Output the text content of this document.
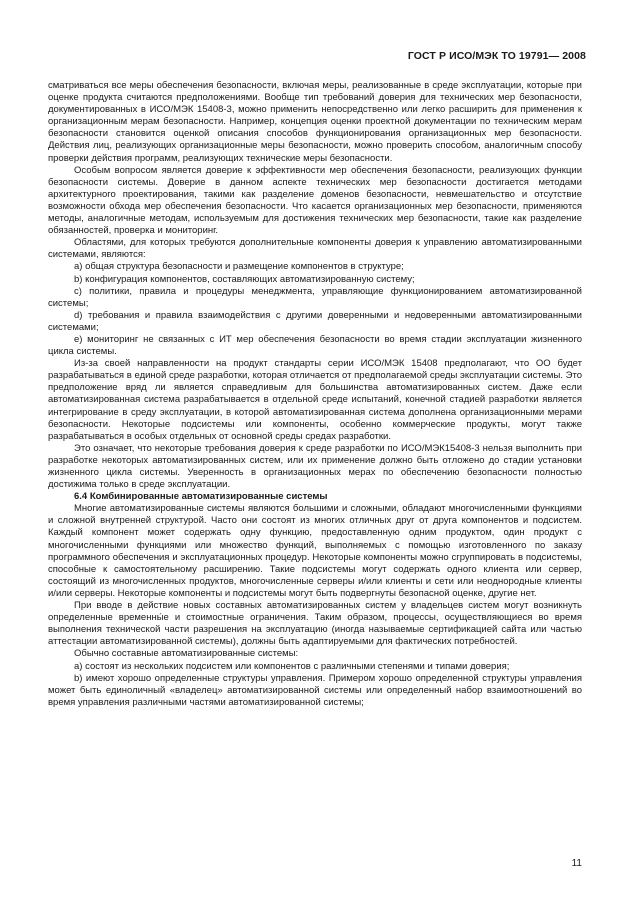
ГОСТ Р ИСО/МЭК ТО 19791— 2008

сматриваться все меры обеспечения безопасности, включая меры, реализованные в среде эксплуатации, которые при оценке продукта считаются предположениями. Вообще тип требований доверия для технических мер безопасности, документированных в ИСО/МЭК 15408-3, можно применить непосредственно или легко расширить для применения к организационным мерам безопасности. Например, концепция оценки проектной документации по техническим мерам безопасности становится оценкой описания способов функционирования организационных мер безопасности. Действия лиц, реализующих организационные меры безопасности, можно проверить способом, аналогичным способу проверки действия программ, реализующих технические меры безопасности.

Особым вопросом является доверие к эффективности мер обеспечения безопасности, реализующих функции безопасности системы. Доверие в данном аспекте технических мер безопасности достигается методами архитектурного проектирования, такими как разделение доменов безопасности, невмешательство и отсутствие возможности обхода мер обеспечения безопасности. Что касается организационных мер безопасности, применяются методы, аналогичные методам, используемым для достижения технических мер безопасности, такие как разделение обязанностей, проверка и мониторинг.

Областями, для которых требуются дополнительные компоненты доверия к управлению автоматизированными системами, являются:

a) общая структура безопасности и размещение компонентов в структуре;

b) конфигурация компонентов, составляющих автоматизированную систему;

c) политики, правила и процедуры менеджмента, управляющие функционированием автоматизированной системы;

d) требования и правила взаимодействия с другими доверенными и недоверенными автоматизированными системами;

e) мониторинг не связанных с ИТ мер обеспечения безопасности во время стадии эксплуатации жизненного цикла системы.

Из-за своей направленности на продукт стандарты серии ИСО/МЭК 15408 предполагают, что ОО будет разрабатываться в единой среде разработки, которая отличается от предполагаемой среды эксплуатации системы. Это предположение вряд ли является справедливым для большинства автоматизированных систем. Даже если автоматизированная система разрабатывается в отдельной среде испытаний, конечной стадией разработки является интегрирование в среду эксплуатации, в которой автоматизированная система дополнена организационными мерами безопасности. Некоторые подсистемы или компоненты, особенно коммерческие продукты, могут также разрабатываться в особых отдельных от основной среды средах разработки.

Это означает, что некоторые требования доверия к среде разработки по ИСО/МЭК15408-3 нельзя выполнить при разработке некоторых автоматизированных систем, или их применение должно быть отложено до стадии установки жизненного цикла системы. Уверенность в организационных мерах по обеспечению безопасности полностью достижима только в среде эксплуатации.

6.4 Комбинированные автоматизированные системы

Многие автоматизированные системы являются большими и сложными, обладают многочисленными функциями и сложной внутренней структурой. Часто они состоят из многих отличных друг от друга компонентов и подсистем. Каждый компонент может содержать одну функцию, предоставленную одним продуктом, один продукт с многочисленными функциями или множество функций, выполняемых с помощью изготовленного по заказу программного обеспечения и эксплуатационных процедур. Некоторые компоненты можно сгруппировать в подсистемы, способные к самостоятельному расширению. Такие подсистемы могут содержать одного клиента или сервер, состоящий из многочисленных продуктов, многочисленные серверы и/или клиенты и сети или неоднородные клиенты и/или серверы. Некоторые компоненты и подсистемы могут быть подвергнуты безопасной оценке, другие нет.

При вводе в действие новых составных автоматизированных систем у владельцев систем могут возникнуть определенные временны́е и стоимостные ограничения. Таким образом, процессы, осуществляющиеся во время выполнения технической части разрешения на эксплуатацию (иногда называемые сертификацией сайта или частью аттестации автоматизированной системы), должны быть адаптируемыми для фактических потребностей.

Обычно составные автоматизированные системы:

a) состоят из нескольких подсистем или компонентов с различными степенями и типами доверия;

b) имеют хорошо определенные структуры управления. Примером хорошо определенной структуры управления может быть единоличный «владелец» автоматизированной системы или определенный набор взаимоотношений во время управления различными частями автоматизированной системы;

11
